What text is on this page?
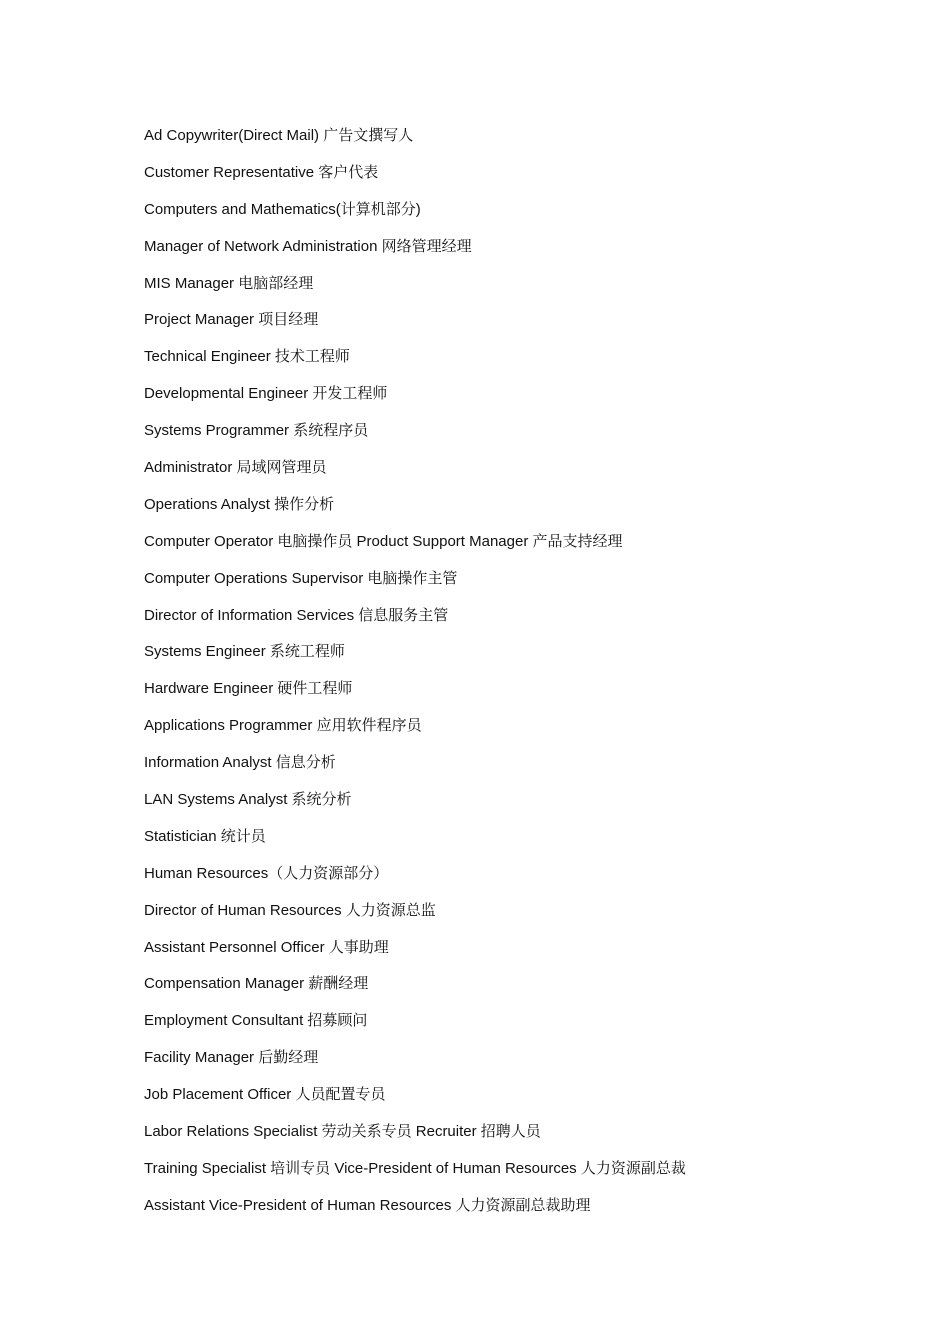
Ad Copywriter(Direct Mail) 广告文撰写人
Customer Representative 客户代表
Computers and Mathematics(计算机部分)
Manager of Network Administration 网络管理经理
MIS Manager 电脑部经理
Project Manager 项目经理
Technical Engineer 技术工程师
Developmental Engineer 开发工程师
Systems Programmer 系统程序员
Administrator 局域网管理员
Operations Analyst 操作分析
Computer Operator 电脑操作员 Product Support Manager 产品支持经理
Computer Operations Supervisor 电脑操作主管
Director of Information Services 信息服务主管
Systems Engineer 系统工程师
Hardware Engineer 硬件工程师
Applications Programmer 应用软件程序员
Information Analyst 信息分析
LAN Systems Analyst 系统分析
Statistician 统计员
Human Resources（人力资源部分）
Director of Human Resources 人力资源总监
Assistant Personnel Officer 人事助理
Compensation Manager 薪酬经理
Employment Consultant 招募顾问
Facility Manager 后勤经理
Job Placement Officer 人员配置专员
Labor Relations Specialist 劳动关系专员 Recruiter 招聘人员
Training Specialist 培训专员 Vice-President of Human Resources 人力资源副总裁
Assistant Vice-President of Human Resources 人力资源副总裁助理
